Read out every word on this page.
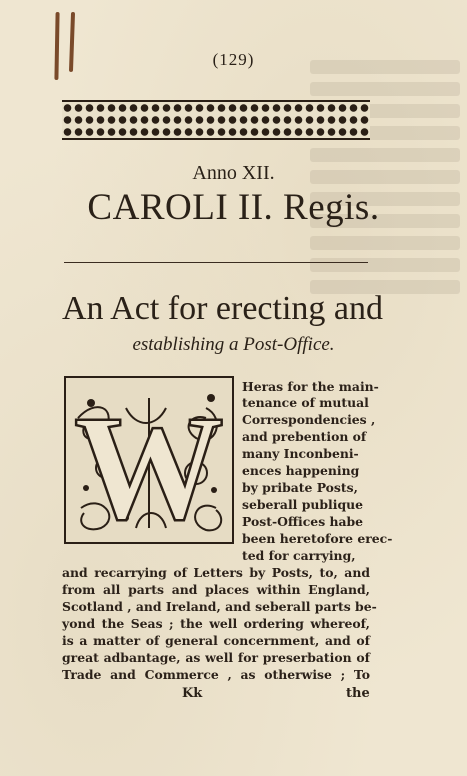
(129)
Anno XII.
CAROLI II. Regis.
An Act for erecting and
establishing a Post-Office.
W Heras for the main-
tenance of mutual
Correspondencies ,
and prebention of
many Inconbeni-
ences happening
by pribate Posts,
seberall publique
Post-Offices habe
been heretofore erec-
ted for carrying,
and recarrying of Letters by Posts, to, and
from all parts and places within England,
Scotland , and Ireland, and seberall parts be-
yond the Seas ; the well ordering whereof,
is a matter of general concernment, and of
great adbantage, as well for preserbation of
Trade and Commerce , as otherwise ; To
Kk	the
